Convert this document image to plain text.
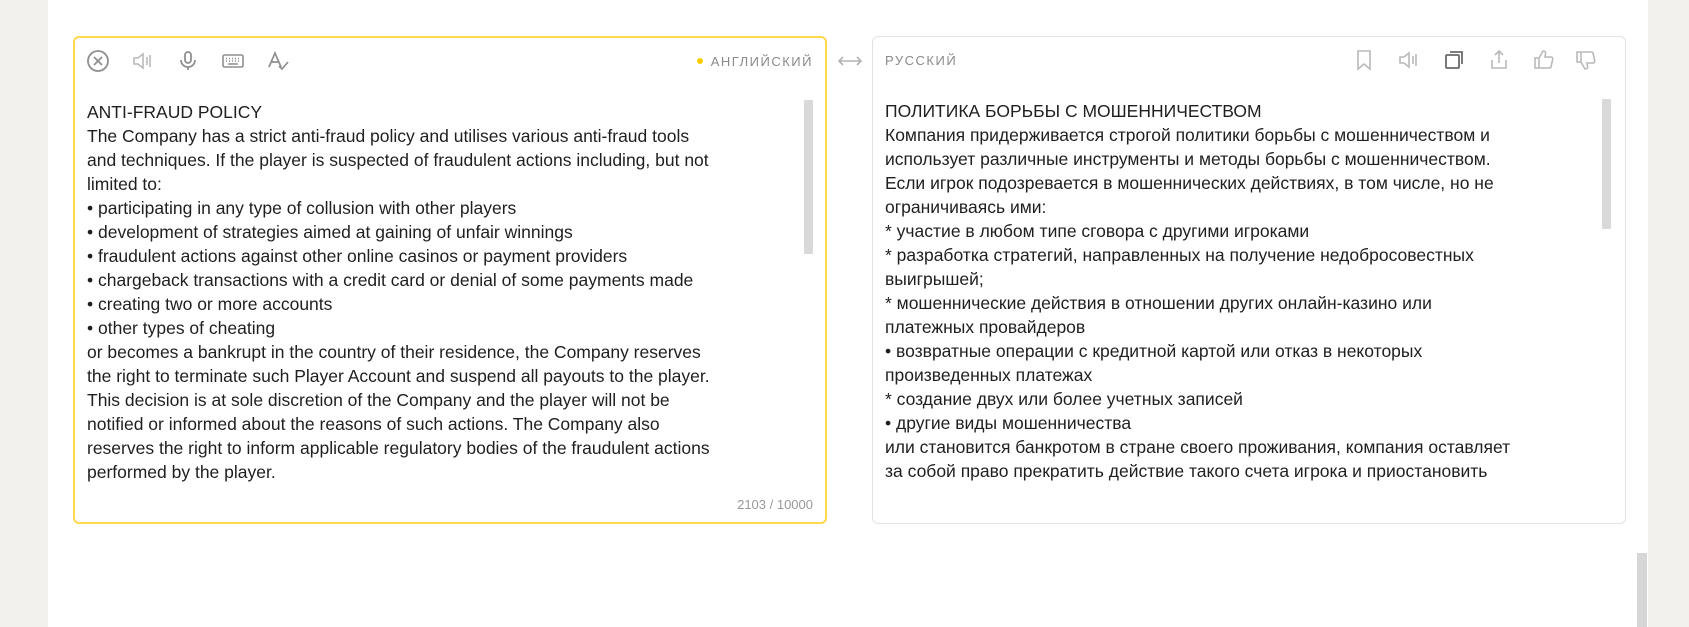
АНГЛИЙСКИЙ
ANTI-FRAUD POLICY
The Company has a strict anti-fraud policy and utilises various anti-fraud tools
and techniques. If the player is suspected of fraudulent actions including, but not
limited to:
• participating in any type of collusion with other players
• development of strategies aimed at gaining of unfair winnings
• fraudulent actions against other online casinos or payment providers
• chargeback transactions with a credit card or denial of some payments made
• creating two or more accounts
• other types of cheating
or becomes a bankrupt in the country of their residence, the Company reserves
the right to terminate such Player Account and suspend all payouts to the player.
This decision is at sole discretion of the Company and the player will not be
notified or informed about the reasons of such actions. The Company also
reserves the right to inform applicable regulatory bodies of the fraudulent actions
performed by the player.
2103 / 10000
РУССКИЙ
ПОЛИТИКА БОРЬБЫ С МОШЕННИЧЕСТВОМ
Компания придерживается строгой политики борьбы с мошенничеством и
использует различные инструменты и методы борьбы с мошенничеством.
Если игрок подозревается в мошеннических действиях, в том числе, но не
ограничиваясь ими:
* участие в любом типе сговора с другими игроками
* разработка стратегий, направленных на получение недобросовестных
выигрышей;
* мошеннические действия в отношении других онлайн-казино или
платежных провайдеров
• возвратные операции с кредитной картой или отказ в некоторых
произведенных платежах
* создание двух или более учетных записей
• другие виды мошенничества
или становится банкротом в стране своего проживания, компания оставляет
за собой право прекратить действие такого счета игрока и приостановить
